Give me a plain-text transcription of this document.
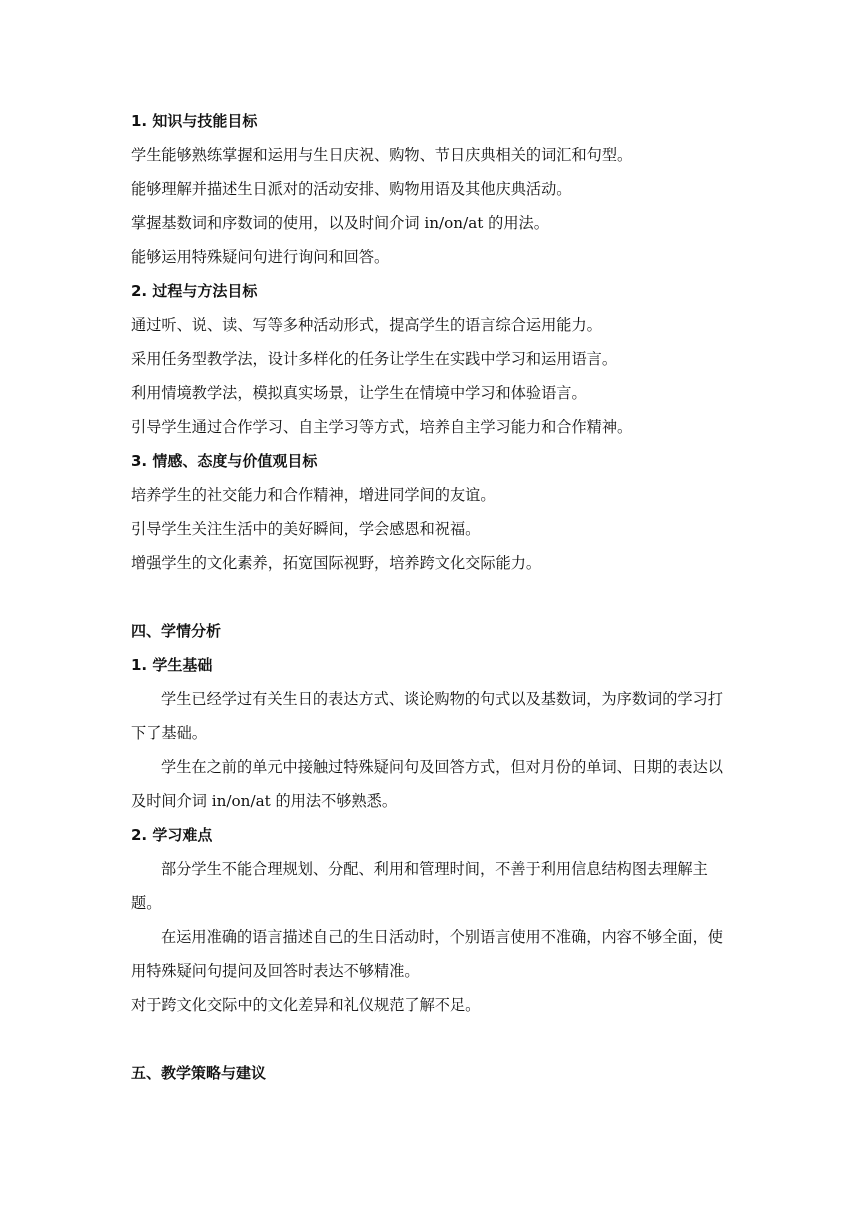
1. 知识与技能目标
学生能够熟练掌握和运用与生日庆祝、购物、节日庆典相关的词汇和句型。
能够理解并描述生日派对的活动安排、购物用语及其他庆典活动。
掌握基数词和序数词的使用，以及时间介词 in/on/at 的用法。
能够运用特殊疑问句进行询问和回答。
2. 过程与方法目标
通过听、说、读、写等多种活动形式，提高学生的语言综合运用能力。
采用任务型教学法，设计多样化的任务让学生在实践中学习和运用语言。
利用情境教学法，模拟真实场景，让学生在情境中学习和体验语言。
引导学生通过合作学习、自主学习等方式，培养自主学习能力和合作精神。
3. 情感、态度与价值观目标
培养学生的社交能力和合作精神，增进同学间的友谊。
引导学生关注生活中的美好瞬间，学会感恩和祝福。
增强学生的文化素养，拓宽国际视野，培养跨文化交际能力。
四、学情分析
1. 学生基础
学生已经学过有关生日的表达方式、谈论购物的句式以及基数词，为序数词的学习打下了基础。
学生在之前的单元中接触过特殊疑问句及回答方式，但对月份的单词、日期的表达以及时间介词 in/on/at 的用法不够熟悉。
2. 学习难点
部分学生不能合理规划、分配、利用和管理时间，不善于利用信息结构图去理解主题。
在运用准确的语言描述自己的生日活动时，个别语言使用不准确，内容不够全面，使用特殊疑问句提问及回答时表达不够精准。
对于跨文化交际中的文化差异和礼仪规范了解不足。
五、教学策略与建议
